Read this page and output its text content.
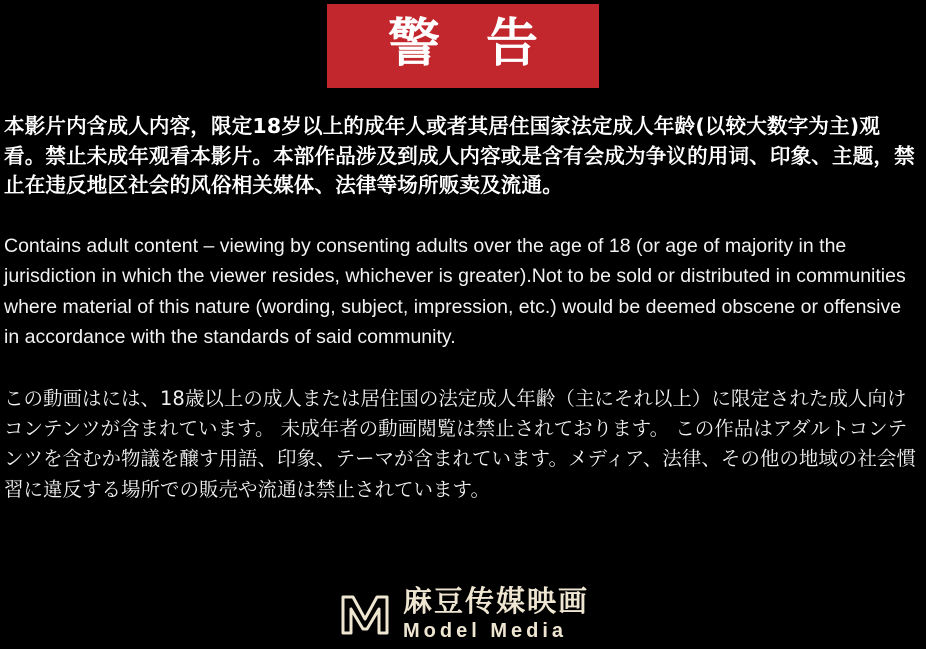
警 告

本影片内含成人内容，限定18岁以上的成年人或者其居住国家法定成人年龄(以较大数字为主)观看。禁止未成年观看本影片。本部作品涉及到成人内容或是含有会成为争议的用词、印象、主题，禁止在违反地区社会的风俗相关媒体、法律等场所贩卖及流通。

Contains adult content – viewing by consenting adults over the age of 18 (or age of majority in the jurisdiction in which the viewer resides, whichever is greater).Not to be sold or distributed in communities where material of this nature (wording, subject, impression, etc.) would be deemed obscene or offensive in accordance with the standards of said community.

この動画はには、18歳以上の成人または居住国の法定成人年齢（主にそれ以上）に限定された成人向けコンテンツが含まれています。 未成年者の動画閲覧は禁止されております。 この作品はアダルトコンテンツを含むか物議を醸す用語、印象、テーマが含まれています。メディア、法律、その他の地域の社会慣習に違反する場所での販売や流通は禁止されています。

麻豆传媒映画
Model Media
